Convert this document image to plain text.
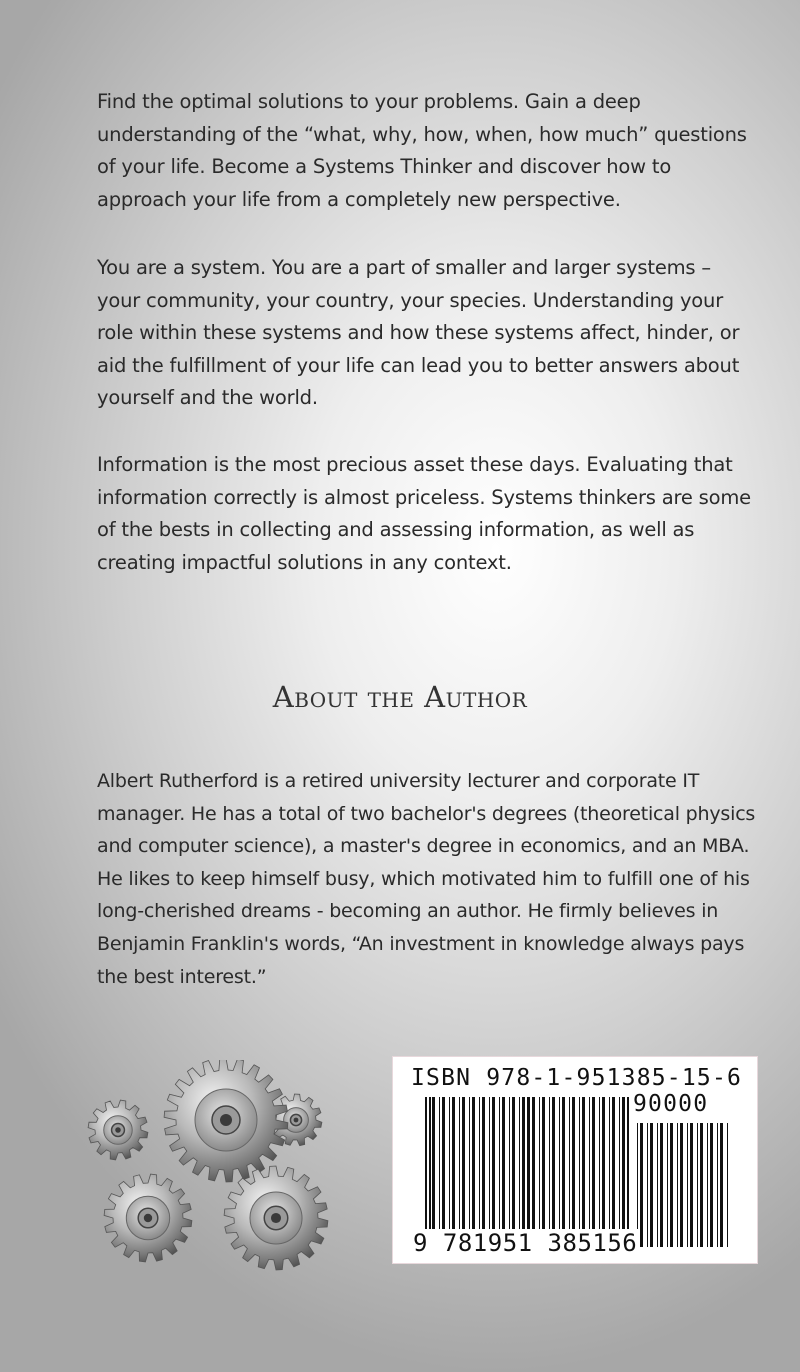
Find the optimal solutions to your problems. Gain a deep understanding of the “what, why, how, when, how much” questions of your life. Become a Systems Thinker and discover how to approach your life from a completely new perspective.

You are a system. You are a part of smaller and larger systems – your community, your country, your species. Understanding your role within these systems and how these systems affect, hinder, or aid the fulfillment of your life can lead you to better answers about yourself and the world.

Information is the most precious asset these days. Evaluating that information correctly is almost priceless. Systems thinkers are some of the bests in collecting and assessing information, as well as creating impactful solutions in any context.

About the Author

Albert Rutherford is a retired university lecturer and corporate IT manager. He has a total of two bachelor's degrees (theoretical physics and computer science), a master's degree in economics, and an MBA. He likes to keep himself busy, which motivated him to fulfill one of his long-cherished dreams - becoming an author. He firmly believes in Benjamin Franklin's words, “An investment in knowledge always pays the best interest.”

ISBN 978-1-951385-15-6

90000

9 781951 385156
